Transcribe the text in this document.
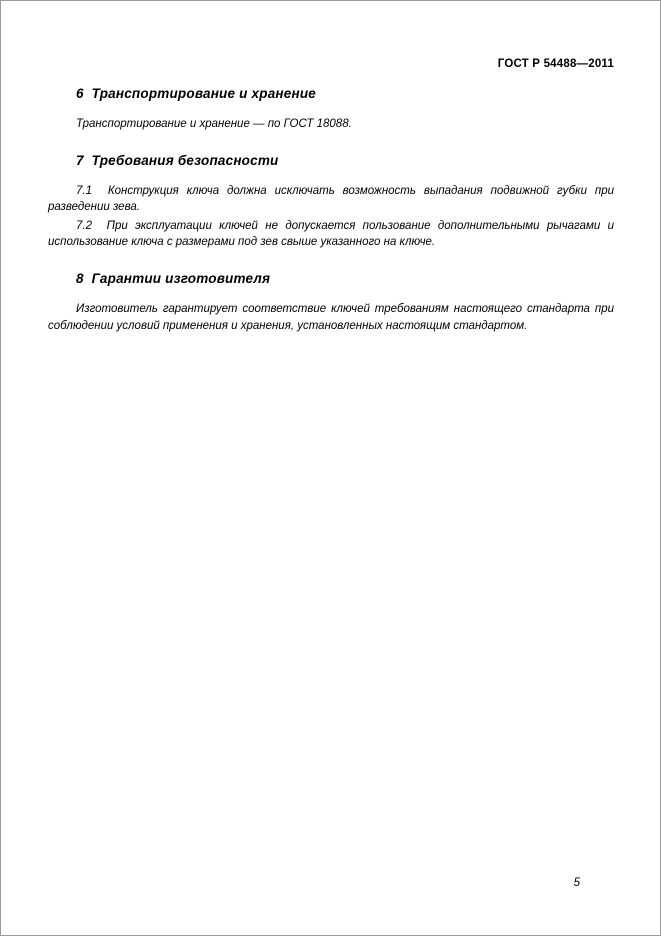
ГОСТ Р 54488—2011
6  Транспортирование и хранение

Транспортирование и хранение — по ГОСТ 18088.

7  Требования безопасности

7.1  Конструкция ключа должна исключать возможность выпадания подвижной губки при разведении зева.

7.2  При эксплуатации ключей не допускается пользование дополнительными рычагами и использование ключа с размерами под зев свыше указанного на ключе.

8  Гарантии изготовителя

Изготовитель гарантирует соответствие ключей требованиям настоящего стандарта при соблюдении условий применения и хранения, установленных настоящим стандартом.

5
